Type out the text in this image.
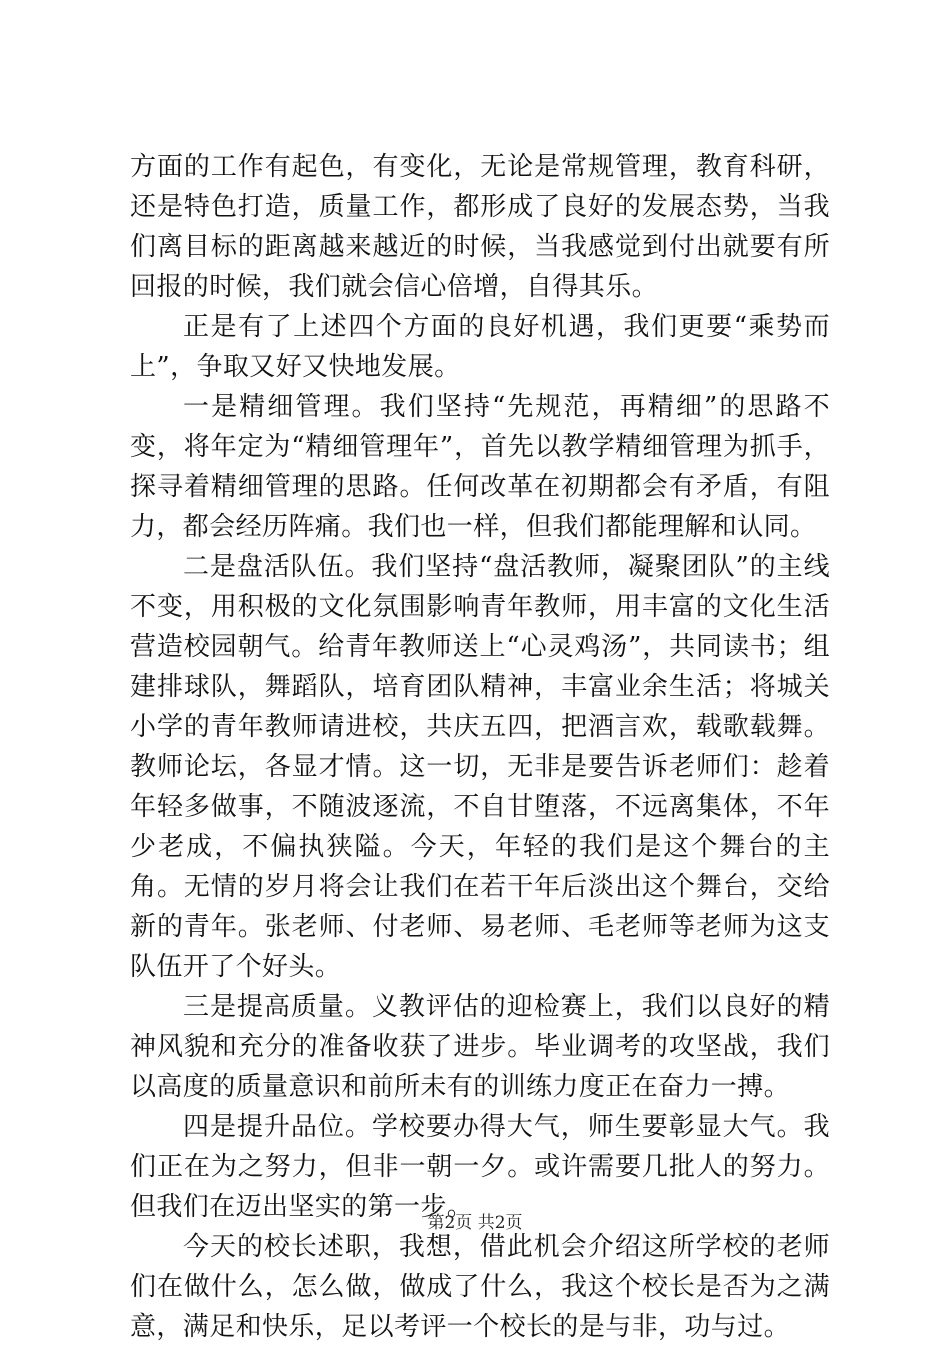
方面的工作有起色，有变化，无论是常规管理，教育科研，还是特色打造，质量工作，都形成了良好的发展态势，当我们离目标的距离越来越近的时候，当我感觉到付出就要有所回报的时候，我们就会信心倍增，自得其乐。

正是有了上述四个方面的良好机遇，我们更要“乘势而上”，争取又好又快地发展。

一是精细管理。我们坚持“先规范，再精细”的思路不变，将年定为“精细管理年”，首先以教学精细管理为抓手，探寻着精细管理的思路。任何改革在初期都会有矛盾，有阻力，都会经历阵痛。我们也一样，但我们都能理解和认同。

二是盘活队伍。我们坚持“盘活教师，凝聚团队”的主线不变，用积极的文化氛围影响青年教师，用丰富的文化生活营造校园朝气。给青年教师送上“心灵鸡汤”，共同读书；组建排球队，舞蹈队，培育团队精神，丰富业余生活；将城关小学的青年教师请进校，共庆五四，把酒言欢，载歌载舞。教师论坛，各显才情。这一切，无非是要告诉老师们：趁着年轻多做事，不随波逐流，不自甘堕落，不远离集体，不年少老成，不偏执狭隘。今天，年轻的我们是这个舞台的主角。无情的岁月将会让我们在若干年后淡出这个舞台，交给新的青年。张老师、付老师、易老师、毛老师等老师为这支队伍开了个好头。

三是提高质量。义教评估的迎检赛上，我们以良好的精神风貌和充分的准备收获了进步。毕业调考的攻坚战，我们以高度的质量意识和前所未有的训练力度正在奋力一搏。

四是提升品位。学校要办得大气，师生要彰显大气。我们正在为之努力，但非一朝一夕。或许需要几批人的努力。但我们在迈出坚实的第一步。

今天的校长述职，我想，借此机会介绍这所学校的老师们在做什么，怎么做，做成了什么，我这个校长是否为之满意，满足和快乐，足以考评一个校长的是与非，功与过。

第2页 共2页
